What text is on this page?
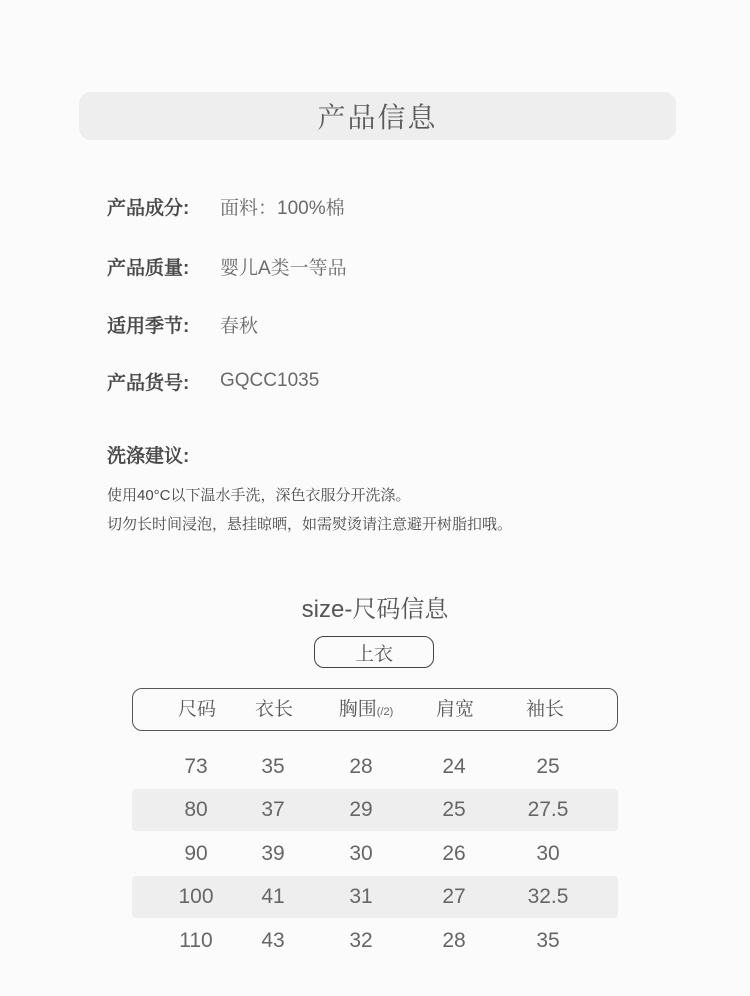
产品信息
产品成分:	面料：100%棉
产品质量:	婴儿A类一等品
适用季节:	春秋
产品货号:	GQCC1035
洗涤建议:
使用40°C以下温水手洗，深色衣服分开洗涤。
切勿长时间浸泡，悬挂晾晒，如需熨烫请注意避开树脂扣哦。
size-尺码信息
上衣
尺码 衣长 胸围(/2) 肩宽	袖长
73	35	28	24	25
80	37	29	25	27.5
90	39	30	26	30
100 41	31	27	32.5
110 43	32	28	35
